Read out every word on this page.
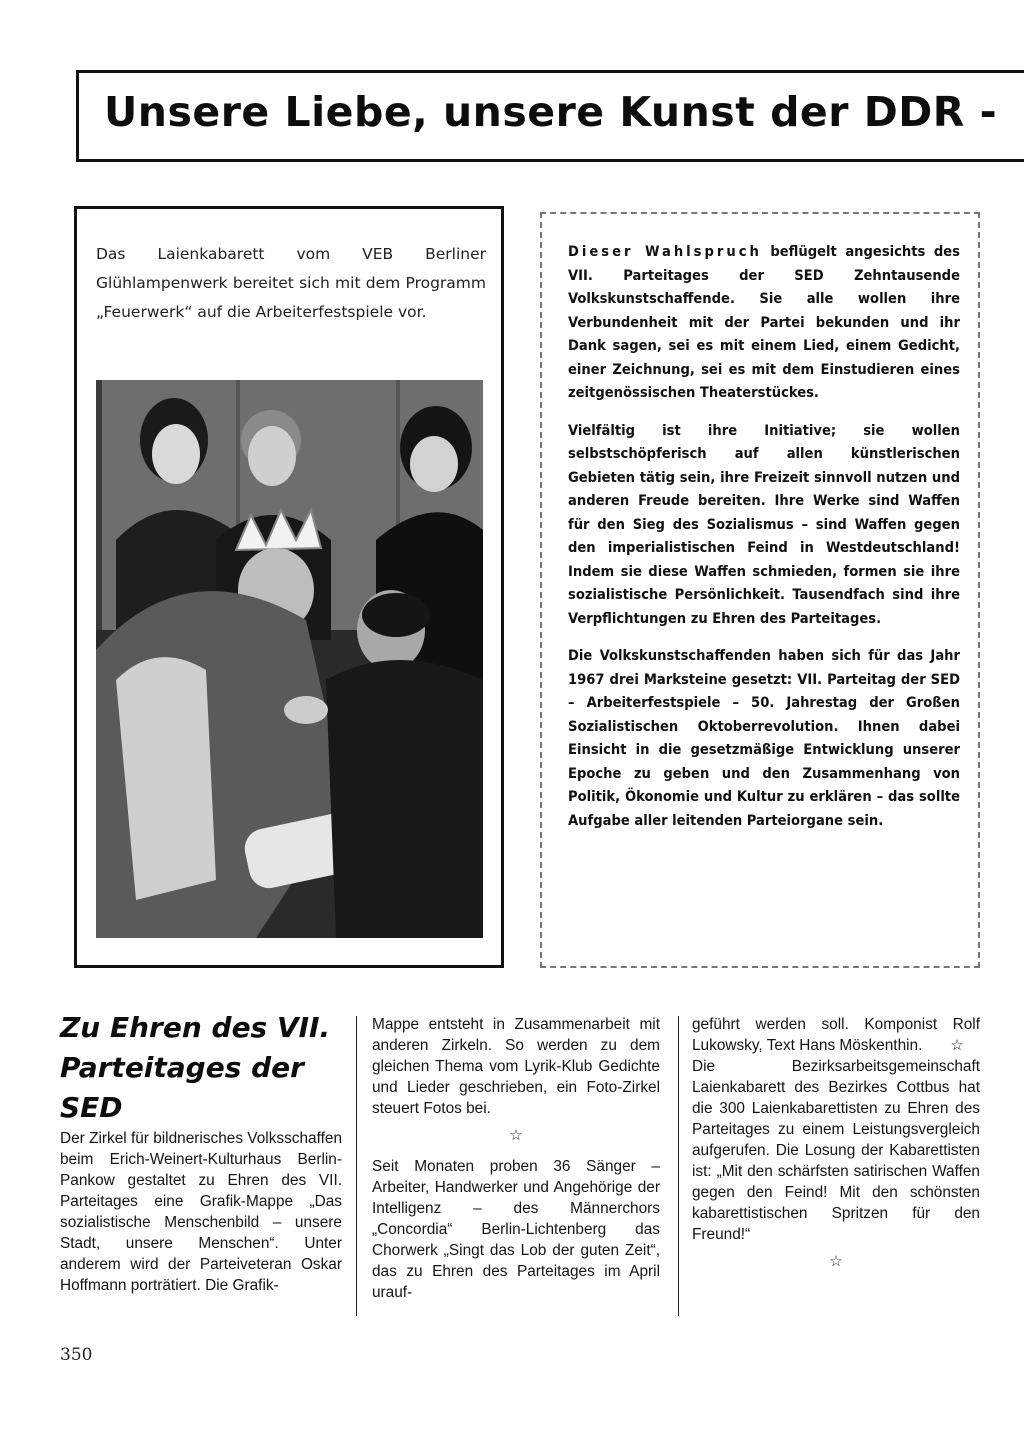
Unsere Liebe, unsere Kunst der DDR -
Das Laienkabarett vom VEB Berliner Glühlampenwerk bereitet sich mit dem Programm „Feuerwerk“ auf die Arbeiterfestspiele vor.

Dieser Wahlspruch beflügelt angesichts des VII. Parteitages der SED Zehntausende Volkskunstschaffende. Sie alle wollen ihre Verbundenheit mit der Partei bekunden und ihr Dank sagen, sei es mit einem Lied, einem Gedicht, einer Zeichnung, sei es mit dem Einstudieren eines zeitgenössischen Theaterstückes.

Vielfältig ist ihre Initiative; sie wollen selbstschöpferisch auf allen künstlerischen Gebieten tätig sein, ihre Freizeit sinnvoll nutzen und anderen Freude bereiten. Ihre Werke sind Waffen für den Sieg des Sozialismus – sind Waffen gegen den imperialistischen Feind in Westdeutschland! Indem sie diese Waffen schmieden, formen sie ihre sozialistische Persönlichkeit. Tausendfach sind ihre Verpflichtungen zu Ehren des Parteitages.

Die Volkskunstschaffenden haben sich für das Jahr 1967 drei Marksteine gesetzt: VII. Parteitag der SED – Arbeiterfestspiele – 50. Jahrestag der Großen Sozialistischen Oktoberrevolution. Ihnen dabei Einsicht in die gesetzmäßige Entwicklung unserer Epoche zu geben und den Zusammenhang von Politik, Ökonomie und Kultur zu erklären – das sollte Aufgabe aller leitenden Parteiorgane sein.

Zu Ehren des VII. Parteitages der SED

Der Zirkel für bildnerisches Volksschaffen beim Erich-Weinert-Kulturhaus Berlin-Pankow gestaltet zu Ehren des VII. Parteitages eine Grafik-Mappe „Das sozialistische Menschenbild – unsere Stadt, unsere Menschen“. Unter anderem wird der Parteiveteran Oskar Hoffmann porträtiert. Die Grafik-

Mappe entsteht in Zusammenarbeit mit anderen Zirkeln. So werden zu dem gleichen Thema vom Lyrik-Klub Gedichte und Lieder geschrieben, ein Foto-Zirkel steuert Fotos bei.

☆

Seit Monaten proben 36 Sänger – Arbeiter, Handwerker und Angehörige der Intelligenz – des Männerchors „Concordia“ Berlin-Lichtenberg das Chorwerk „Singt das Lob der guten Zeit“, das zu Ehren des Parteitages im April urauf-

geführt werden soll. Komponist Rolf Lukowsky, Text Hans Möskenthin. ☆

Die Bezirksarbeitsgemeinschaft Laienkabarett des Bezirkes Cottbus hat die 300 Laienkabarettisten zu Ehren des Parteitages zu einem Leistungsvergleich aufgerufen. Die Losung der Kabarettisten ist: „Mit den schärfsten satirischen Waffen gegen den Feind! Mit den schönsten kabarettistischen Spritzen für den Freund!“

☆

350
